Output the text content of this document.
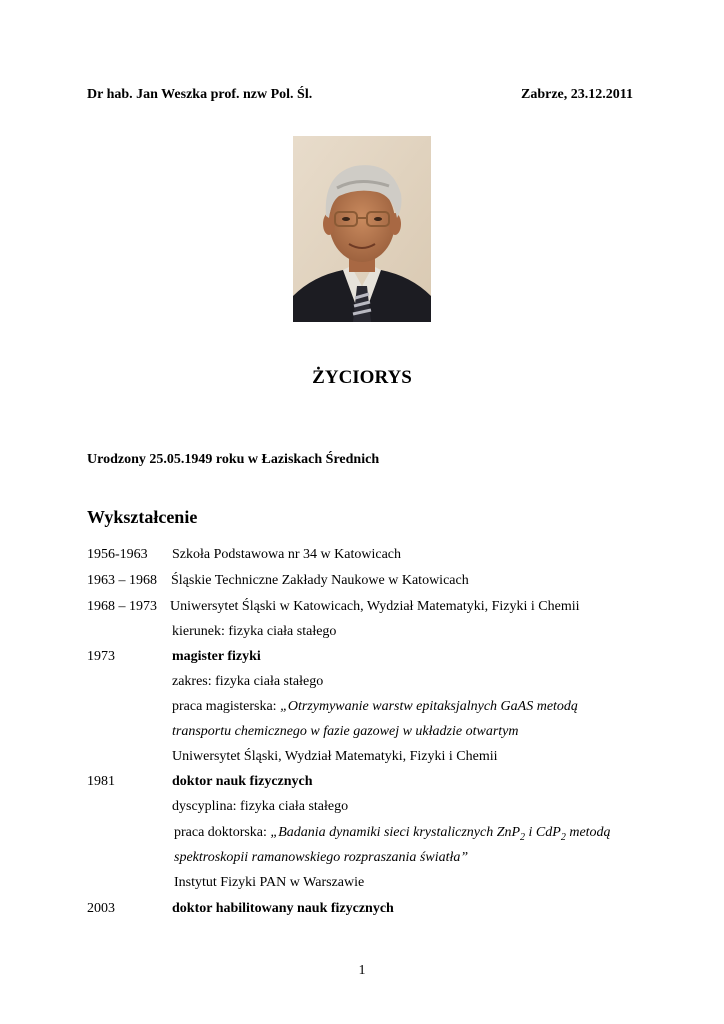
Dr hab. Jan Weszka prof. nzw Pol. Śl.	Zabrze, 23.12.2011
ŻYCIORYS
Urodzony 25.05.1949 roku w Łaziskach Średnich
Wykształcenie
1956-1963 Szkoła Podstawowa nr 34 w Katowicach
1963 – 1968 Śląskie Techniczne Zakłady Naukowe w Katowicach
1968 – 1973 Uniwersytet Śląski w Katowicach, Wydział Matematyki, Fizyki i Chemii
kierunek: fizyka ciała stałego
1973	magister fizyki
zakres: fizyka ciała stałego
praca magisterska: „Otrzymywanie warstw epitaksjalnych GaAS metodą
transportu chemicznego w fazie gazowej w układzie otwartym
Uniwersytet Śląski, Wydział Matematyki, Fizyki i Chemii
1981	doktor nauk fizycznych
dyscyplina: fizyka ciała stałego
praca doktorska: „Badania dynamiki sieci krystalicznych ZnP$_2$ i CdP$_2$ metodą
spektroskopii ramanowskiego rozpraszania światła”
Instytut Fizyki PAN w Warszawie
2003	doktor habilitowany nauk fizycznych
1
